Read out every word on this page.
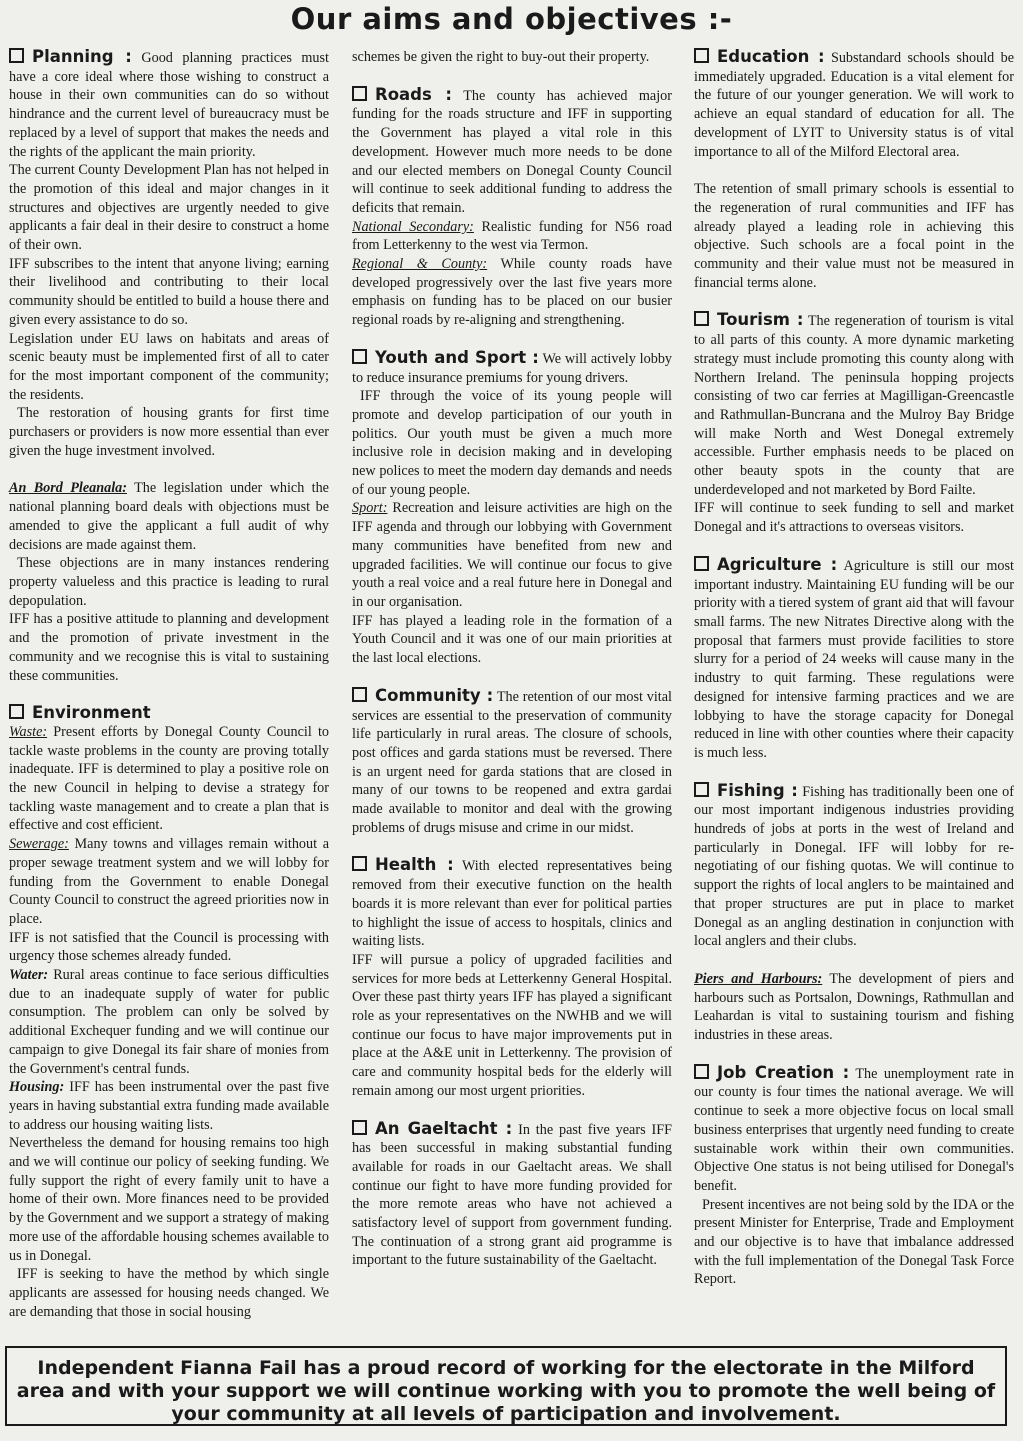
Our aims and objectives :-

Planning : Good planning practices must have a core ideal where those wishing to construct a house in their own communities can do so without hindrance and the current level of bureaucracy must be replaced by a level of support that makes the needs and the rights of the applicant the main priority.

The current County Development Plan has not helped in the promotion of this ideal and major changes in it structures and objectives are urgently needed to give applicants a fair deal in their desire to construct a home of their own.

IFF subscribes to the intent that anyone living; earning their livelihood and contributing to their local community should be entitled to build a house there and given every assistance to do so.

Legislation under EU laws on habitats and areas of scenic beauty must be implemented first of all to cater for the most important component of the community; the residents.

The restoration of housing grants for first time purchasers or providers is now more essential than ever given the huge investment involved.

An Bord Pleanala: The legislation under which the national planning board deals with objections must be amended to give the applicant a full audit of why decisions are made against them.

These objections are in many instances rendering property valueless and this practice is leading to rural depopulation.

IFF has a positive attitude to planning and development and the promotion of private investment in the community and we recognise this is vital to sustaining these communities.

Environment

Waste: Present efforts by Donegal County Council to tackle waste problems in the county are proving totally inadequate. IFF is determined to play a positive role on the new Council in helping to devise a strategy for tackling waste management and to create a plan that is effective and cost efficient.

Sewerage: Many towns and villages remain without a proper sewage treatment system and we will lobby for funding from the Government to enable Donegal County Council to construct the agreed priorities now in place.

IFF is not satisfied that the Council is processing with urgency those schemes already funded.

Water: Rural areas continue to face serious difficulties due to an inadequate supply of water for public consumption. The problem can only be solved by additional Exchequer funding and we will continue our campaign to give Donegal its fair share of monies from the Government's central funds.

Housing: IFF has been instrumental over the past five years in having substantial extra funding made available to address our housing waiting lists.

Nevertheless the demand for housing remains too high and we will continue our policy of seeking funding. We fully support the right of every family unit to have a home of their own. More finances need to be provided by the Government and we support a strategy of making more use of the affordable housing schemes available to us in Donegal.

IFF is seeking to have the method by which single applicants are assessed for housing needs changed. We are demanding that those in social housing

schemes be given the right to buy-out their property.

Roads : The county has achieved major funding for the roads structure and IFF in supporting the Government has played a vital role in this development. However much more needs to be done and our elected members on Donegal County Council will continue to seek additional funding to address the deficits that remain.

National Secondary: Realistic funding for N56 road from Letterkenny to the west via Termon.

Regional & County: While county roads have developed progressively over the last five years more emphasis on funding has to be placed on our busier regional roads by re-aligning and strengthening.

Youth and Sport : We will actively lobby to reduce insurance premiums for young drivers.

IFF through the voice of its young people will promote and develop participation of our youth in politics. Our youth must be given a much more inclusive role in decision making and in developing new polices to meet the modern day demands and needs of our young people.

Sport: Recreation and leisure activities are high on the IFF agenda and through our lobbying with Government many communities have benefited from new and upgraded facilities. We will continue our focus to give youth a real voice and a real future here in Donegal and in our organisation.

IFF has played a leading role in the formation of a Youth Council and it was one of our main priorities at the last local elections.

Community : The retention of our most vital services are essential to the preservation of community life particularly in rural areas. The closure of schools, post offices and garda stations must be reversed. There is an urgent need for garda stations that are closed in many of our towns to be reopened and extra gardai made available to monitor and deal with the growing problems of drugs misuse and crime in our midst.

Health : With elected representatives being removed from their executive function on the health boards it is more relevant than ever for political parties to highlight the issue of access to hospitals, clinics and waiting lists.

IFF will pursue a policy of upgraded facilities and services for more beds at Letterkenny General Hospital. Over these past thirty years IFF has played a significant role as your representatives on the NWHB and we will continue our focus to have major improvements put in place at the A&E unit in Letterkenny. The provision of care and community hospital beds for the elderly will remain among our most urgent priorities.

An Gaeltacht : In the past five years IFF has been successful in making substantial funding available for roads in our Gaeltacht areas. We shall continue our fight to have more funding provided for the more remote areas who have not achieved a satisfactory level of support from government funding. The continuation of a strong grant aid programme is important to the future sustainability of the Gaeltacht.

Education : Substandard schools should be immediately upgraded. Education is a vital element for the future of our younger generation. We will work to achieve an equal standard of education for all. The development of LYIT to University status is of vital importance to all of the Milford Electoral area.

The retention of small primary schools is essential to the regeneration of rural communities and IFF has already played a leading role in achieving this objective. Such schools are a focal point in the community and their value must not be measured in financial terms alone.

Tourism : The regeneration of tourism is vital to all parts of this county. A more dynamic marketing strategy must include promoting this county along with Northern Ireland. The peninsula hopping projects consisting of two car ferries at Magilligan-Greencastle and Rathmullan-Buncrana and the Mulroy Bay Bridge will make North and West Donegal extremely accessible. Further emphasis needs to be placed on other beauty spots in the county that are underdeveloped and not marketed by Bord Failte.

IFF will continue to seek funding to sell and market Donegal and it's attractions to overseas visitors.

Agriculture : Agriculture is still our most important industry. Maintaining EU funding will be our priority with a tiered system of grant aid that will favour small farms. The new Nitrates Directive along with the proposal that farmers must provide facilities to store slurry for a period of 24 weeks will cause many in the industry to quit farming. These regulations were designed for intensive farming practices and we are lobbying to have the storage capacity for Donegal reduced in line with other counties where their capacity is much less.

Fishing : Fishing has traditionally been one of our most important indigenous industries providing hundreds of jobs at ports in the west of Ireland and particularly in Donegal. IFF will lobby for re-negotiating of our fishing quotas. We will continue to support the rights of local anglers to be maintained and that proper structures are put in place to market Donegal as an angling destination in conjunction with local anglers and their clubs.

Piers and Harbours: The development of piers and harbours such as Portsalon, Downings, Rathmullan and Leahardan is vital to sustaining tourism and fishing industries in these areas.

Job Creation : The unemployment rate in our county is four times the national average. We will continue to seek a more objective focus on local small business enterprises that urgently need funding to create sustainable work within their own communities. Objective One status is not being utilised for Donegal's benefit.

Present incentives are not being sold by the IDA or the present Minister for Enterprise, Trade and Employment and our objective is to have that imbalance addressed with the full implementation of the Donegal Task Force Report.

Independent Fianna Fail has a proud record of working for the electorate in the Milford area and with your support we will continue working with you to promote the well being of your community at all levels of participation and involvement.
